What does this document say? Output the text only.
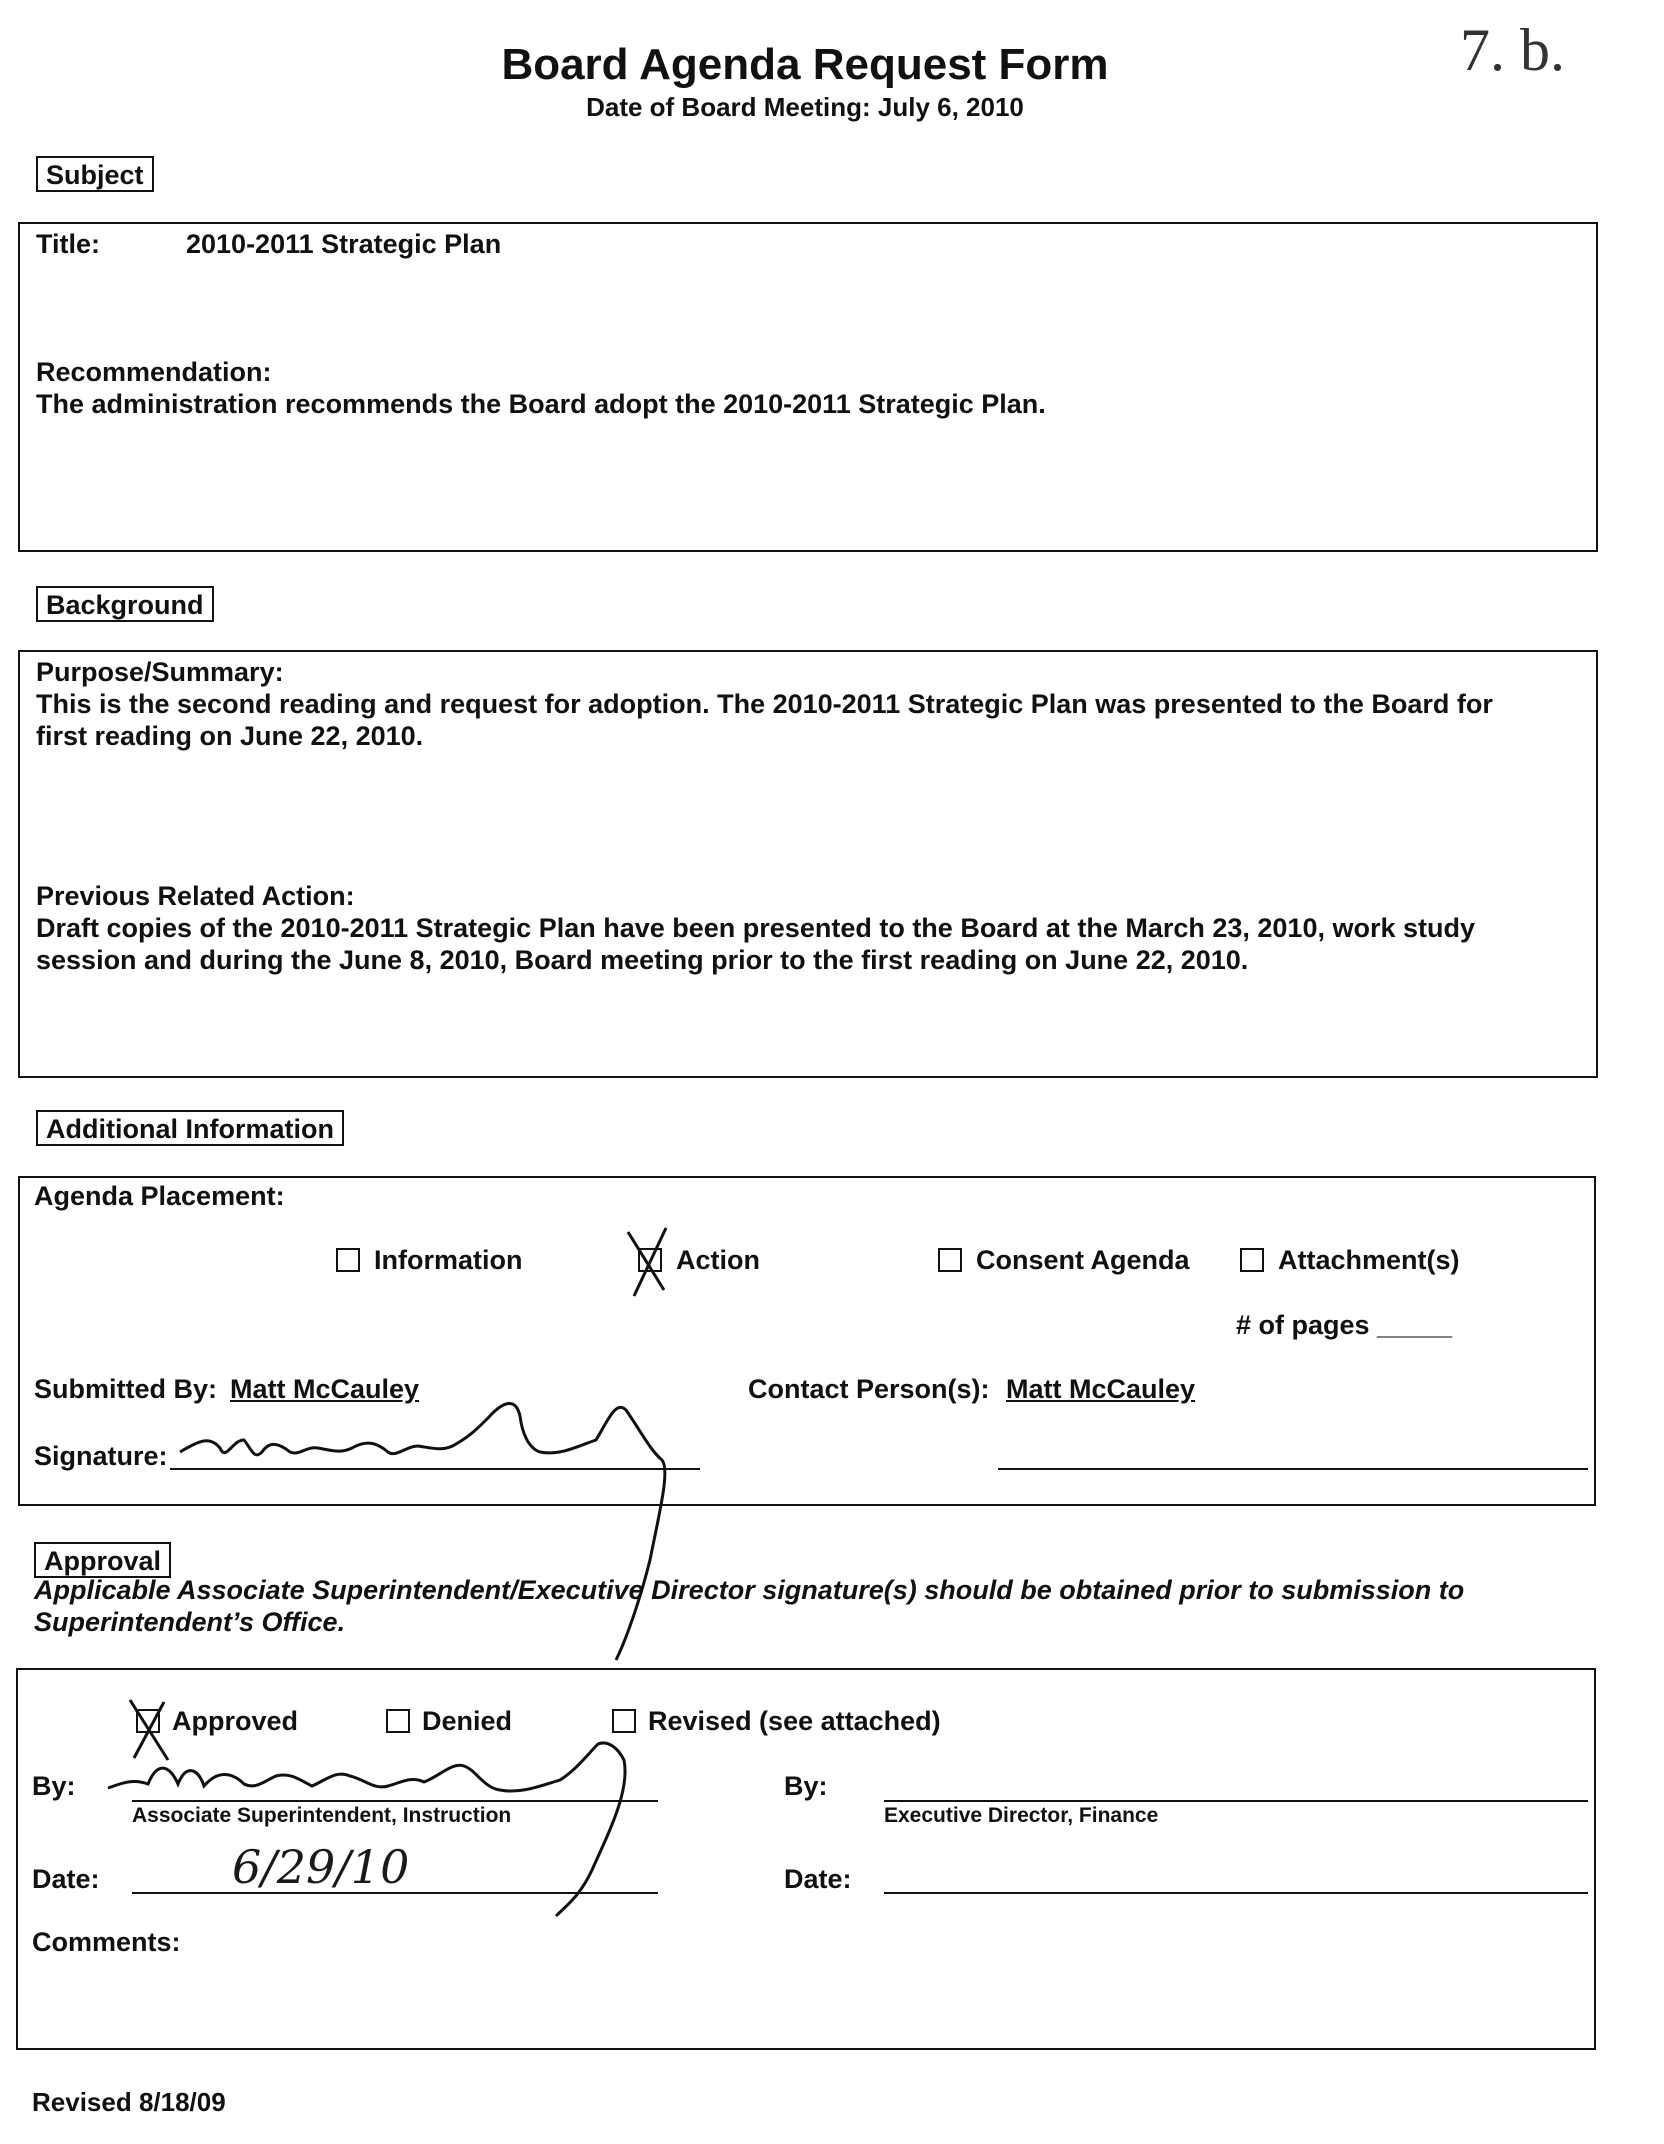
Board Agenda Request Form
Date of Board Meeting: July 6, 2010
7. b.
Subject
Title:	2010-2011 Strategic Plan
Recommendation:
The administration recommends the Board adopt the 2010-2011 Strategic Plan.
Background
Purpose/Summary:
This is the second reading and request for adoption. The 2010-2011 Strategic Plan was presented to the Board for
first reading on June 22, 2010.
Previous Related Action:
Draft copies of the 2010-2011 Strategic Plan have been presented to the Board at the March 23, 2010, work study
session and during the June 8, 2010, Board meeting prior to the first reading on June 22, 2010.
Additional Information
Agenda Placement:
Information	Action	Consent Agenda	Attachment(s)
# of pages _____
Submitted By: Matt McCauley	Contact Person(s): Matt McCauley
Signature:
Approval
Applicable Associate Superintendent/Executive Director signature(s) should be obtained prior to submission to
Superintendent’s Office.
Approved	Denied	Revised (see attached)
By:
Associate Superintendent, Instruction
By:
Executive Director, Finance
Date:	6/29/10	Date:
Comments:
Revised 8/18/09
